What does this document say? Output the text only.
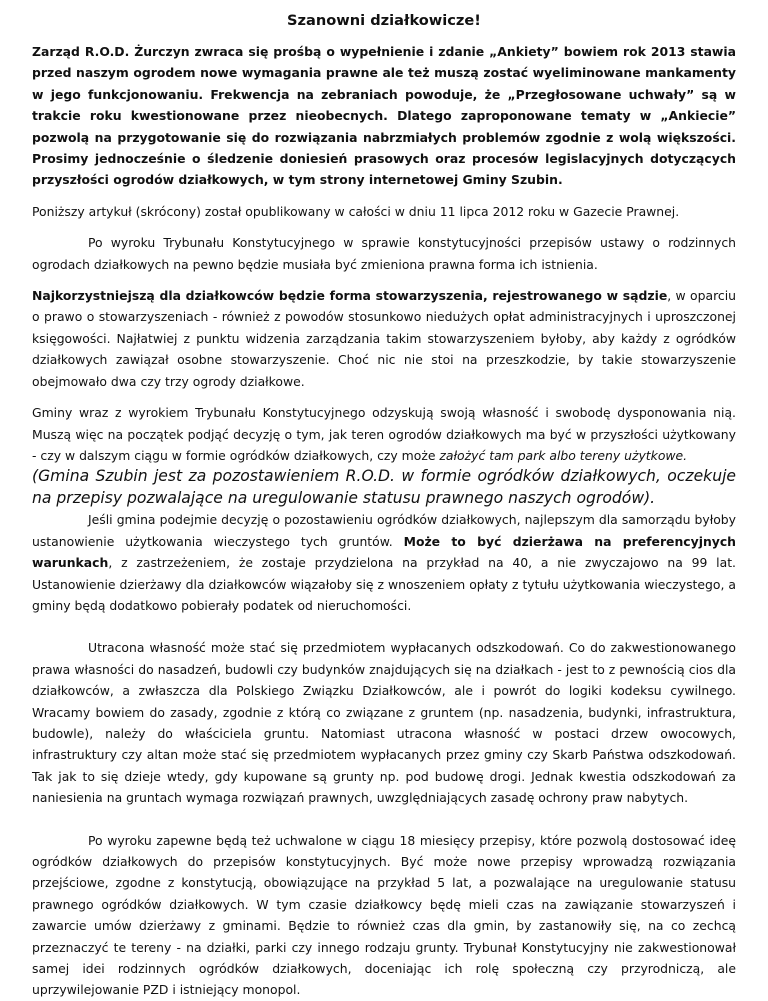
Szanowni działkowicze!

Zarząd R.O.D. Żurczyn zwraca się prośbą o wypełnienie i zdanie „Ankiety” bowiem rok 2013 stawia przed naszym ogrodem nowe wymagania prawne ale też muszą zostać wyeliminowane mankamenty w jego funkcjonowaniu. Frekwencja na zebraniach powoduje, że „Przegłosowane uchwały” są w trakcie roku kwestionowane przez nieobecnych. Dlatego zaproponowane tematy w „Ankiecie” pozwolą na przygotowanie się do rozwiązania nabrzmiałych problemów zgodnie z wolą większości. Prosimy jednocześnie o śledzenie doniesień prasowych oraz procesów legislacyjnych dotyczących przyszłości ogrodów działkowych, w tym strony internetowej Gminy Szubin.

Poniższy artykuł (skrócony) został opublikowany w całości w dniu 11 lipca 2012 roku w Gazecie Prawnej.

Po wyroku Trybunału Konstytucyjnego w sprawie konstytucyjności przepisów ustawy o rodzinnych ogrodach działkowych na pewno będzie musiała być zmieniona prawna forma ich istnienia.

Najkorzystniejszą dla działkowców będzie forma stowarzyszenia, rejestrowanego w sądzie, w oparciu o prawo o stowarzyszeniach - również z powodów stosunkowo niedużych opłat administracyjnych i uproszczonej księgowości. Najłatwiej z punktu widzenia zarządzania takim stowarzyszeniem byłoby, aby każdy z ogródków działkowych zawiązał osobne stowarzyszenie. Choć nic nie stoi na przeszkodzie, by takie stowarzyszenie obejmowało dwa czy trzy ogrody działkowe.

Gminy wraz z wyrokiem Trybunału Konstytucyjnego odzyskują swoją własność i swobodę dysponowania nią. Muszą więc na początek podjąć decyzję o tym, jak teren ogrodów działkowych ma być w przyszłości użytkowany - czy w dalszym ciągu w formie ogródków działkowych, czy może założyć tam park albo tereny użytkowe.

(Gmina Szubin jest za pozostawieniem R.O.D. w formie ogródków działkowych, oczekuje na przepisy pozwalające na uregulowanie statusu prawnego naszych ogrodów).

Jeśli gmina podejmie decyzję o pozostawieniu ogródków działkowych, najlepszym dla samorządu byłoby ustanowienie użytkowania wieczystego tych gruntów. Może to być dzierżawa na preferencyjnych warunkach, z zastrzeżeniem, że zostaje przydzielona na przykład na 40, a nie zwyczajowo na 99 lat. Ustanowienie dzierżawy dla działkowców wiązałoby się z wnoszeniem opłaty z tytułu użytkowania wieczystego, a gminy będą dodatkowo pobierały podatek od nieruchomości.

Utracona własność może stać się przedmiotem wypłacanych odszkodowań. Co do zakwestionowanego prawa własności do nasadzeń, budowli czy budynków znajdujących się na działkach - jest to z pewnością cios dla działkowców, a zwłaszcza dla Polskiego Związku Działkowców, ale i powrót do logiki kodeksu cywilnego. Wracamy bowiem do zasady, zgodnie z którą co związane z gruntem (np. nasadzenia, budynki, infrastruktura, budowle), należy do właściciela gruntu. Natomiast utracona własność w postaci drzew owocowych, infrastruktury czy altan może stać się przedmiotem wypłacanych przez gminy czy Skarb Państwa odszkodowań. Tak jak to się dzieje wtedy, gdy kupowane są grunty np. pod budowę drogi. Jednak kwestia odszkodowań za naniesienia na gruntach wymaga rozwiązań prawnych, uwzględniających zasadę ochrony praw nabytych.

Po wyroku zapewne będą też uchwalone w ciągu 18 miesięcy przepisy, które pozwolą dostosować ideę ogródków działkowych do przepisów konstytucyjnych. Być może nowe przepisy wprowadzą rozwiązania przejściowe, zgodne z konstytucją, obowiązujące na przykład 5 lat, a pozwalające na uregulowanie statusu prawnego ogródków działkowych. W tym czasie działkowcy będę mieli czas na zawiązanie stowarzyszeń i zawarcie umów dzierżawy z gminami. Będzie to również czas dla gmin, by zastanowiły się, na co zechcą przeznaczyć te tereny - na działki, parki czy innego rodzaju grunty. Trybunał Konstytucyjny nie zakwestionował samej idei rodzinnych ogródków działkowych, doceniając ich rolę społeczną czy przyrodniczą, ale uprzywilejowanie PZD i istniejący monopol.
